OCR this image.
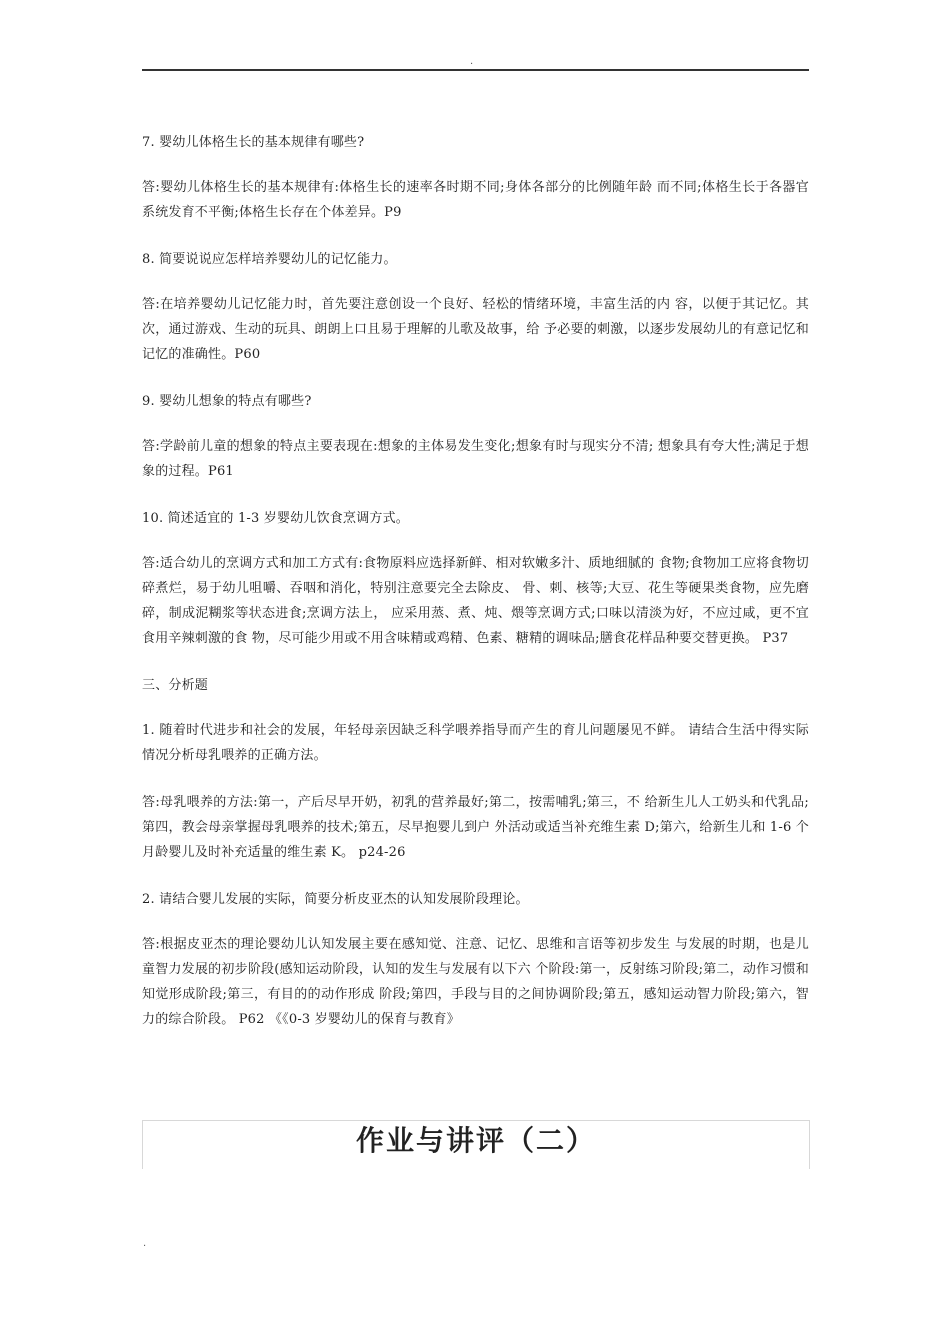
.

7. 婴幼儿体格生长的基本规律有哪些?

答:婴幼儿体格生长的基本规律有:体格生长的速率各时期不同;身体各部分的比例随年龄 而不同;体格生长于各器官系统发育不平衡;体格生长存在个体差异。P9

8. 简要说说应怎样培养婴幼儿的记忆能力。

答:在培养婴幼儿记忆能力时，首先要注意创设一个良好、轻松的情绪环境，丰富生活的内 容，以便于其记忆。其次，通过游戏、生动的玩具、朗朗上口且易于理解的儿歌及故事，给 予必要的刺激，以逐步发展幼儿的有意记忆和记忆的准确性。P60

9. 婴幼儿想象的特点有哪些?

答:学龄前儿童的想象的特点主要表现在:想象的主体易发生变化;想象有时与现实分不清; 想象具有夸大性;满足于想象的过程。P61

10. 简述适宜的 1-3 岁婴幼儿饮食烹调方式。

答:适合幼儿的烹调方式和加工方式有:食物原料应选择新鲜、相对软嫩多汁、质地细腻的 食物;食物加工应将食物切碎煮烂，易于幼儿咀嚼、吞咽和消化，特别注意要完全去除皮、 骨、刺、核等;大豆、花生等硬果类食物，应先磨碎，制成泥糊浆等状态进食;烹调方法上， 应采用蒸、煮、炖、煨等烹调方式;口味以清淡为好，不应过咸，更不宜食用辛辣刺激的食 物，尽可能少用或不用含味精或鸡精、色素、糖精的调味品;膳食花样品种要交替更换。 P37

三、分析题

1. 随着时代进步和社会的发展，年轻母亲因缺乏科学喂养指导而产生的育儿问题屡见不鲜。 请结合生活中得实际情况分析母乳喂养的正确方法。

答:母乳喂养的方法:第一，产后尽早开奶，初乳的营养最好;第二，按需哺乳;第三，不 给新生儿人工奶头和代乳品;第四，教会母亲掌握母乳喂养的技术;第五，尽早抱婴儿到户 外活动或适当补充维生素 D;第六，给新生儿和 1-6 个月龄婴儿及时补充适量的维生素 K。 p24-26

2. 请结合婴儿发展的实际，简要分析皮亚杰的认知发展阶段理论。

答:根据皮亚杰的理论婴幼儿认知发展主要在感知觉、注意、记忆、思维和言语等初步发生 与发展的时期，也是儿童智力发展的初步阶段(感知运动阶段，认知的发生与发展有以下六 个阶段:第一，反射练习阶段;第二，动作习惯和知觉形成阶段;第三，有目的的动作形成 阶段;第四，手段与目的之间协调阶段;第五，感知运动智力阶段;第六，智力的综合阶段。 P62 《《0-3 岁婴幼儿的保育与教育》

作业与讲评（二）
.
